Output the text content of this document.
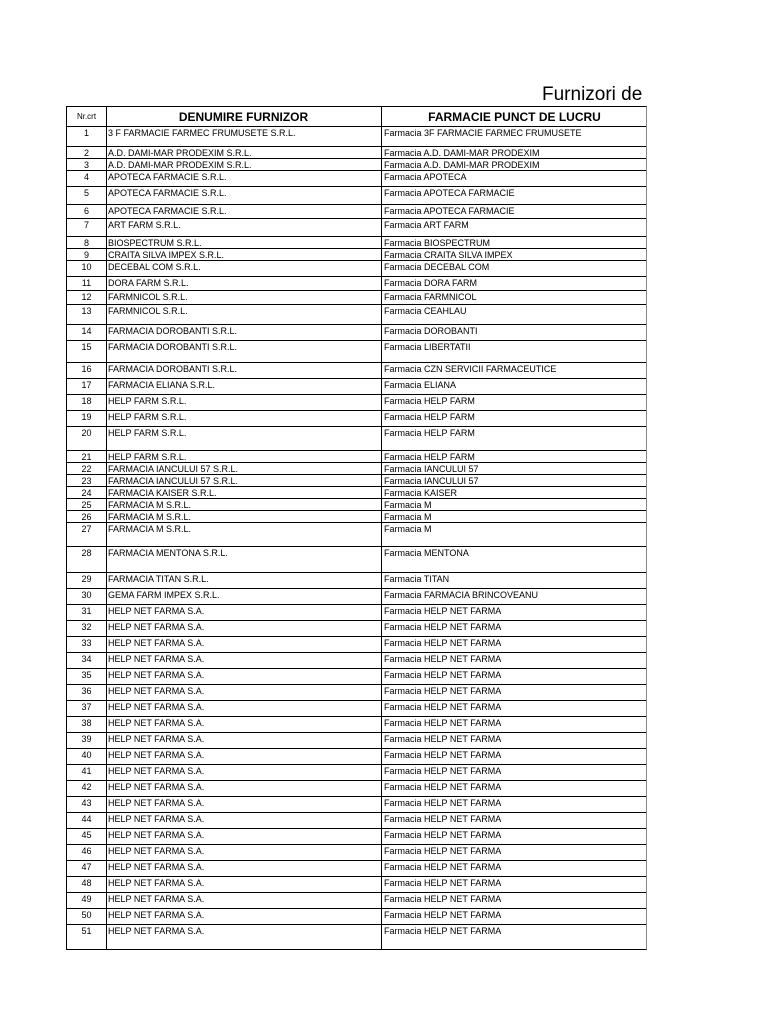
Furnizori de
Nr.crt	DENUMIRE FURNIZOR	FARMACIE PUNCT DE LUCRU
1	3 F FARMACIE FARMEC FRUMUSETE S.R.L.	Farmacia 3F FARMACIE FARMEC FRUMUSETE
2	A.D. DAMI-MAR PRODEXIM S.R.L.	Farmacia A.D. DAMI-MAR PRODEXIM
3	A.D. DAMI-MAR PRODEXIM S.R.L.	Farmacia A.D. DAMI-MAR PRODEXIM
4	APOTECA FARMACIE S.R.L.	Farmacia APOTECA
5	APOTECA FARMACIE S.R.L.	Farmacia APOTECA FARMACIE
6	APOTECA FARMACIE S.R.L.	Farmacia APOTECA FARMACIE
7	ART FARM S.R.L.	Farmacia ART FARM
8	BIOSPECTRUM S.R.L.	Farmacia BIOSPECTRUM
9	CRAITA SILVA IMPEX S.R.L.	Farmacia CRAITA SILVA IMPEX
10	DECEBAL COM S.R.L.	Farmacia DECEBAL COM
11	DORA FARM S.R.L.	Farmacia DORA FARM
12	FARMNICOL S.R.L.	Farmacia FARMNICOL
13	FARMNICOL S.R.L.	Farmacia CEAHLAU
14	FARMACIA DOROBANTI S.R.L.	Farmacia DOROBANTI
15	FARMACIA DOROBANTI S.R.L.	Farmacia LIBERTATII
16	FARMACIA DOROBANTI S.R.L.	Farmacia CZN SERVICII FARMACEUTICE
17	FARMACIA ELIANA S.R.L.	Farmacia ELIANA
18	HELP FARM S.R.L.	Farmacia HELP FARM
19	HELP FARM S.R.L.	Farmacia HELP FARM
20	HELP FARM S.R.L.	Farmacia HELP FARM
21	HELP FARM S.R.L.	Farmacia HELP FARM
22	FARMACIA IANCULUI 57 S.R.L.	Farmacia IANCULUI 57
23	FARMACIA IANCULUI 57 S.R.L.	Farmacia IANCULUI 57
24	FARMACIA KAISER S.R.L.	Farmacia KAISER
25	FARMACIA M S.R.L.	Farmacia M
26	FARMACIA M S.R.L.	Farmacia M
27	FARMACIA M S.R.L.	Farmacia M
28	FARMACIA MENTONA S.R.L.	Farmacia MENTONA
29	FARMACIA TITAN S.R.L.	Farmacia TITAN
30	GEMA FARM IMPEX S.R.L.	Farmacia FARMACIA BRINCOVEANU
31	HELP NET FARMA S.A.	Farmacia HELP NET FARMA
32	HELP NET FARMA S.A.	Farmacia HELP NET FARMA
33	HELP NET FARMA S.A.	Farmacia HELP NET FARMA
34	HELP NET FARMA S.A.	Farmacia HELP NET FARMA
35	HELP NET FARMA S.A.	Farmacia HELP NET FARMA
36	HELP NET FARMA S.A.	Farmacia HELP NET FARMA
37	HELP NET FARMA S.A.	Farmacia HELP NET FARMA
38	HELP NET FARMA S.A.	Farmacia HELP NET FARMA
39	HELP NET FARMA S.A.	Farmacia HELP NET FARMA
40	HELP NET FARMA S.A.	Farmacia HELP NET FARMA
41	HELP NET FARMA S.A.	Farmacia HELP NET FARMA
42	HELP NET FARMA S.A.	Farmacia HELP NET FARMA
43	HELP NET FARMA S.A.	Farmacia HELP NET FARMA
44	HELP NET FARMA S.A.	Farmacia HELP NET FARMA
45	HELP NET FARMA S.A.	Farmacia HELP NET FARMA
46	HELP NET FARMA S.A.	Farmacia HELP NET FARMA
47	HELP NET FARMA S.A.	Farmacia HELP NET FARMA
48	HELP NET FARMA S.A.	Farmacia HELP NET FARMA
49	HELP NET FARMA S.A.	Farmacia HELP NET FARMA
50	HELP NET FARMA S.A.	Farmacia HELP NET FARMA
51	HELP NET FARMA S.A.	Farmacia HELP NET FARMA
